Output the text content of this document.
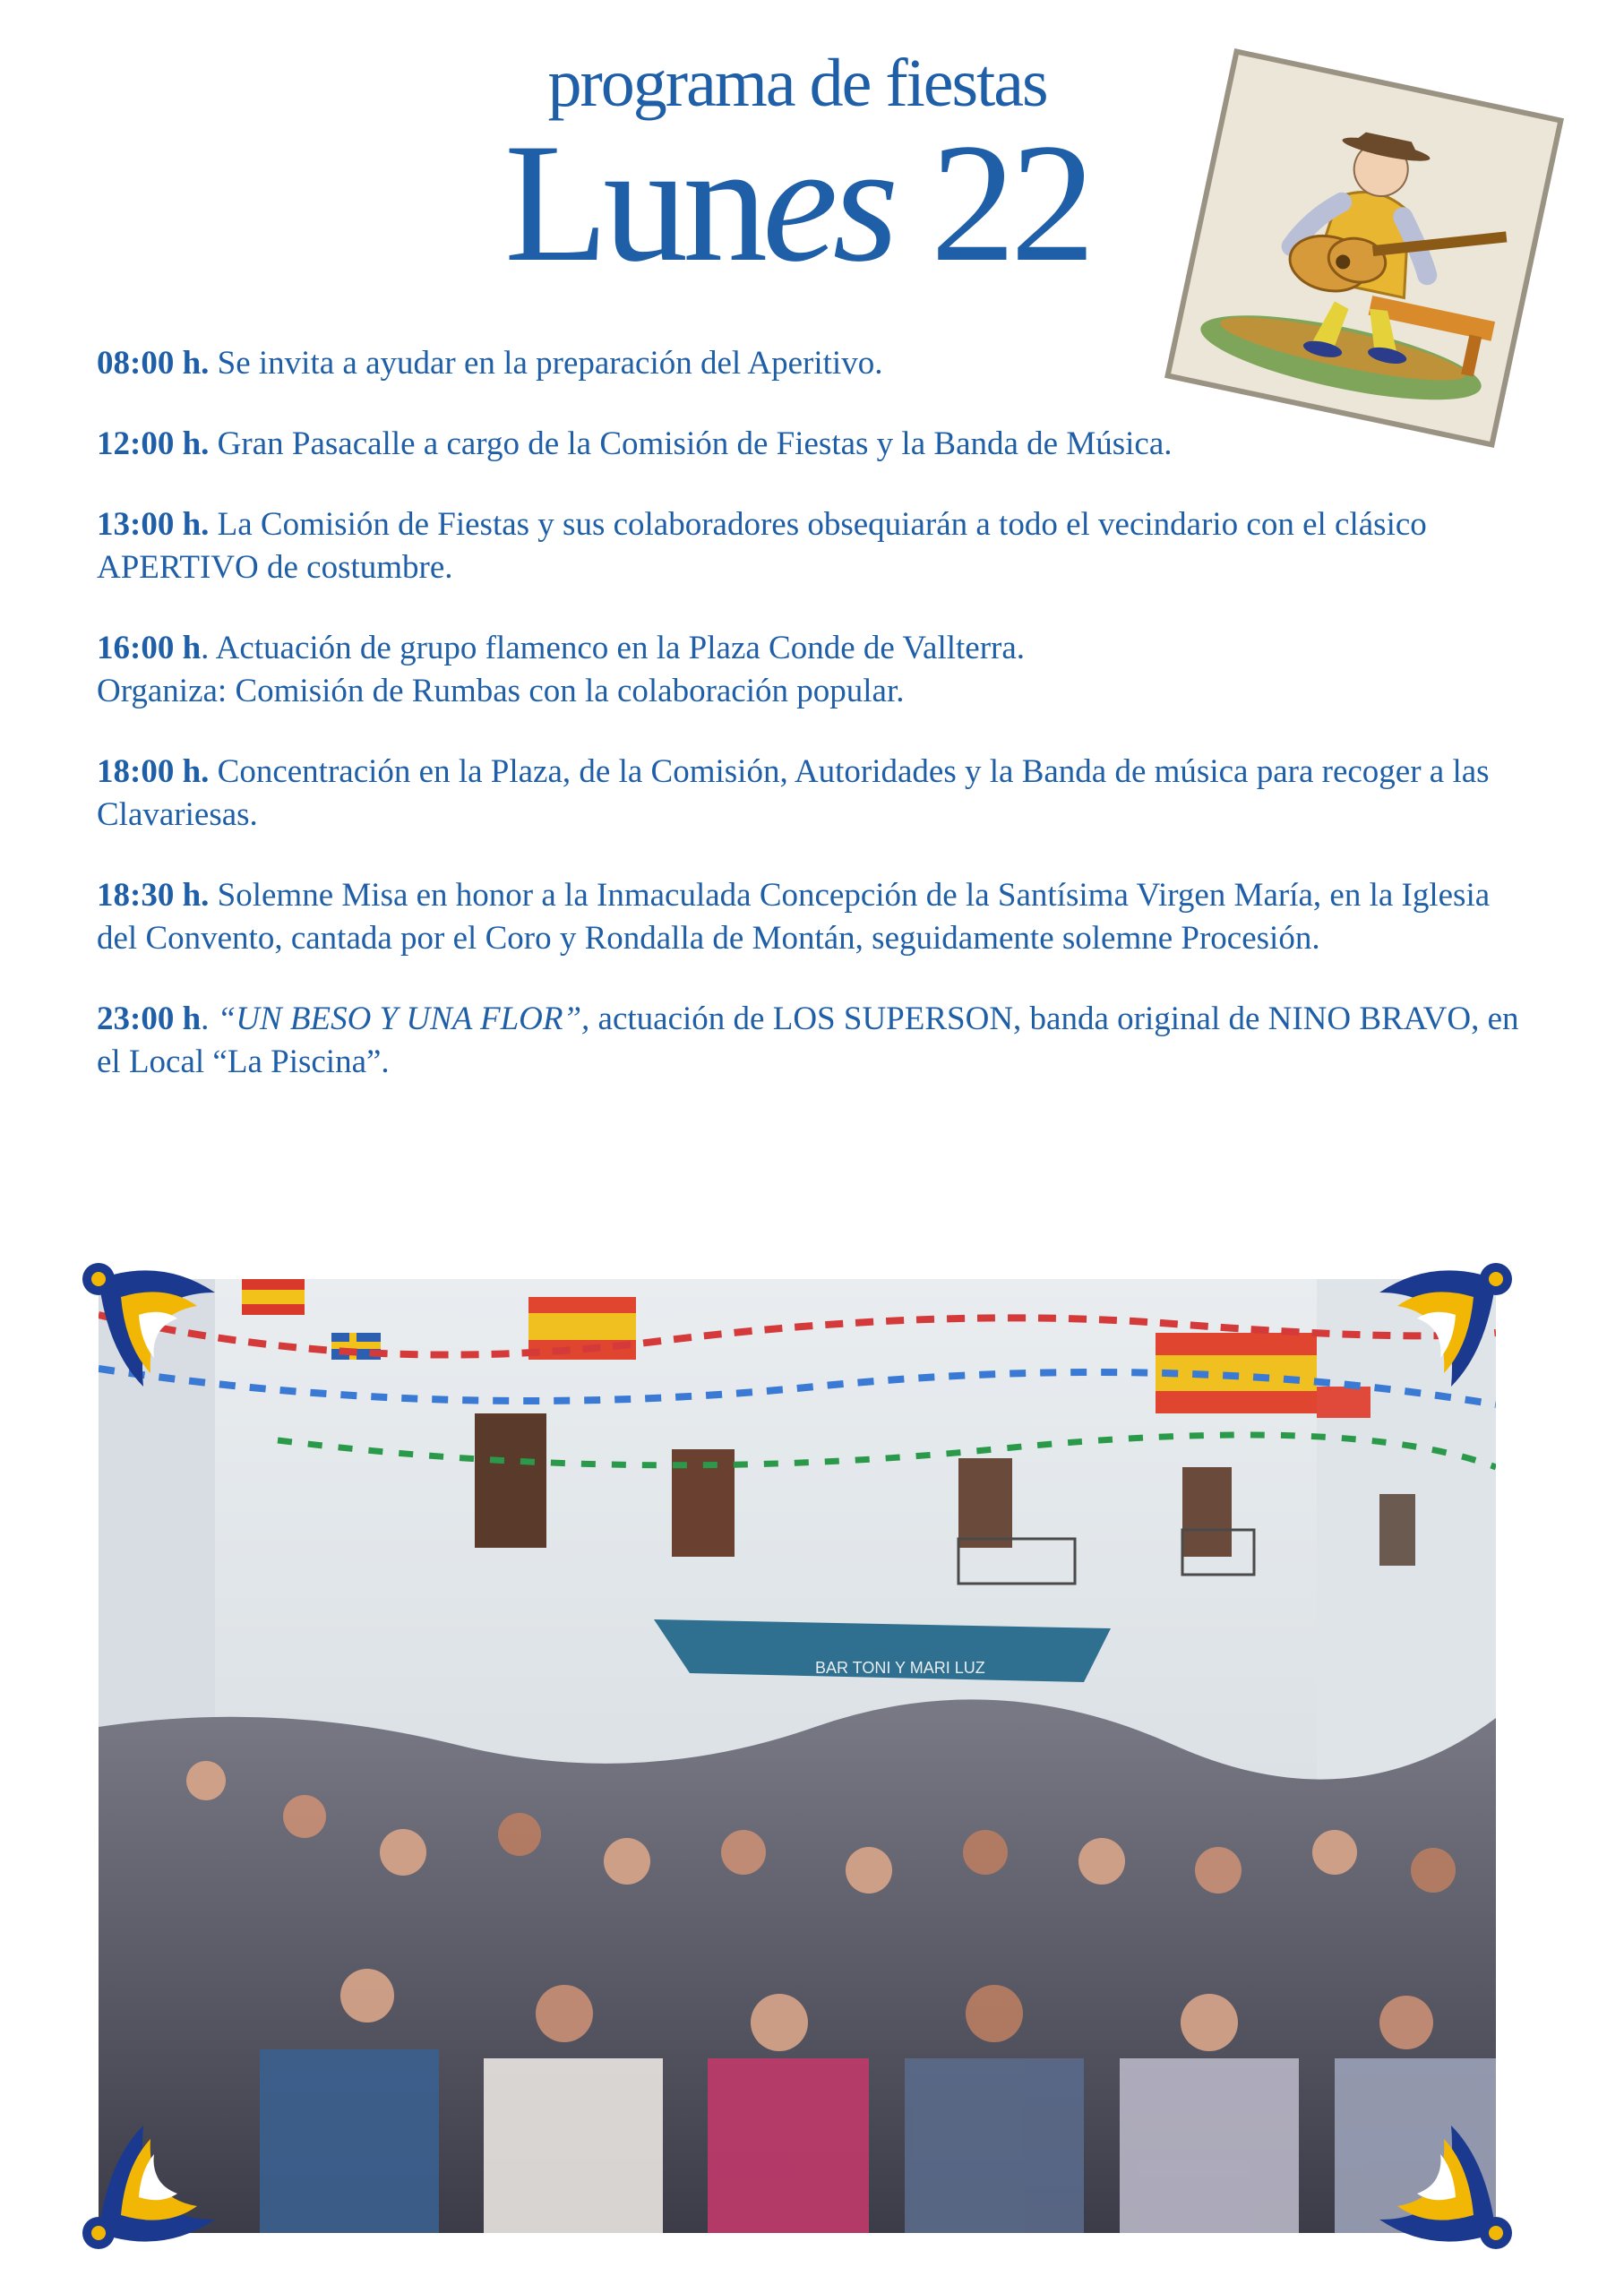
programa de fiestas
Lunes 22
08:00 h. Se invita a ayudar en la preparación del Aperitivo.
12:00 h. Gran Pasacalle a cargo de la Comisión de Fiestas y la Banda de Música.
13:00 h. La Comisión de Fiestas y sus colaboradores obsequiarán a todo el vecindario con el clásico APERTIVO de costumbre.
16:00 h. Actuación de grupo flamenco en la Plaza Conde de Vallterra.
Organiza: Comisión de Rumbas con la colaboración popular.
18:00 h. Concentración en la Plaza, de la Comisión, Autoridades y la Banda de música para recoger a las Clavariesas.
18:30 h. Solemne Misa en honor a la Inmaculada Concepción de la Santísima Virgen María, en la Iglesia del Convento, cantada por el Coro y Rondalla de Montán, seguidamente solemne Procesión.
23:00 h. “UN BESO Y UNA FLOR”, actuación de LOS SUPERSON, banda original de NINO BRAVO, en el Local “La Piscina”.
BAR TONI Y MARI LUZ
